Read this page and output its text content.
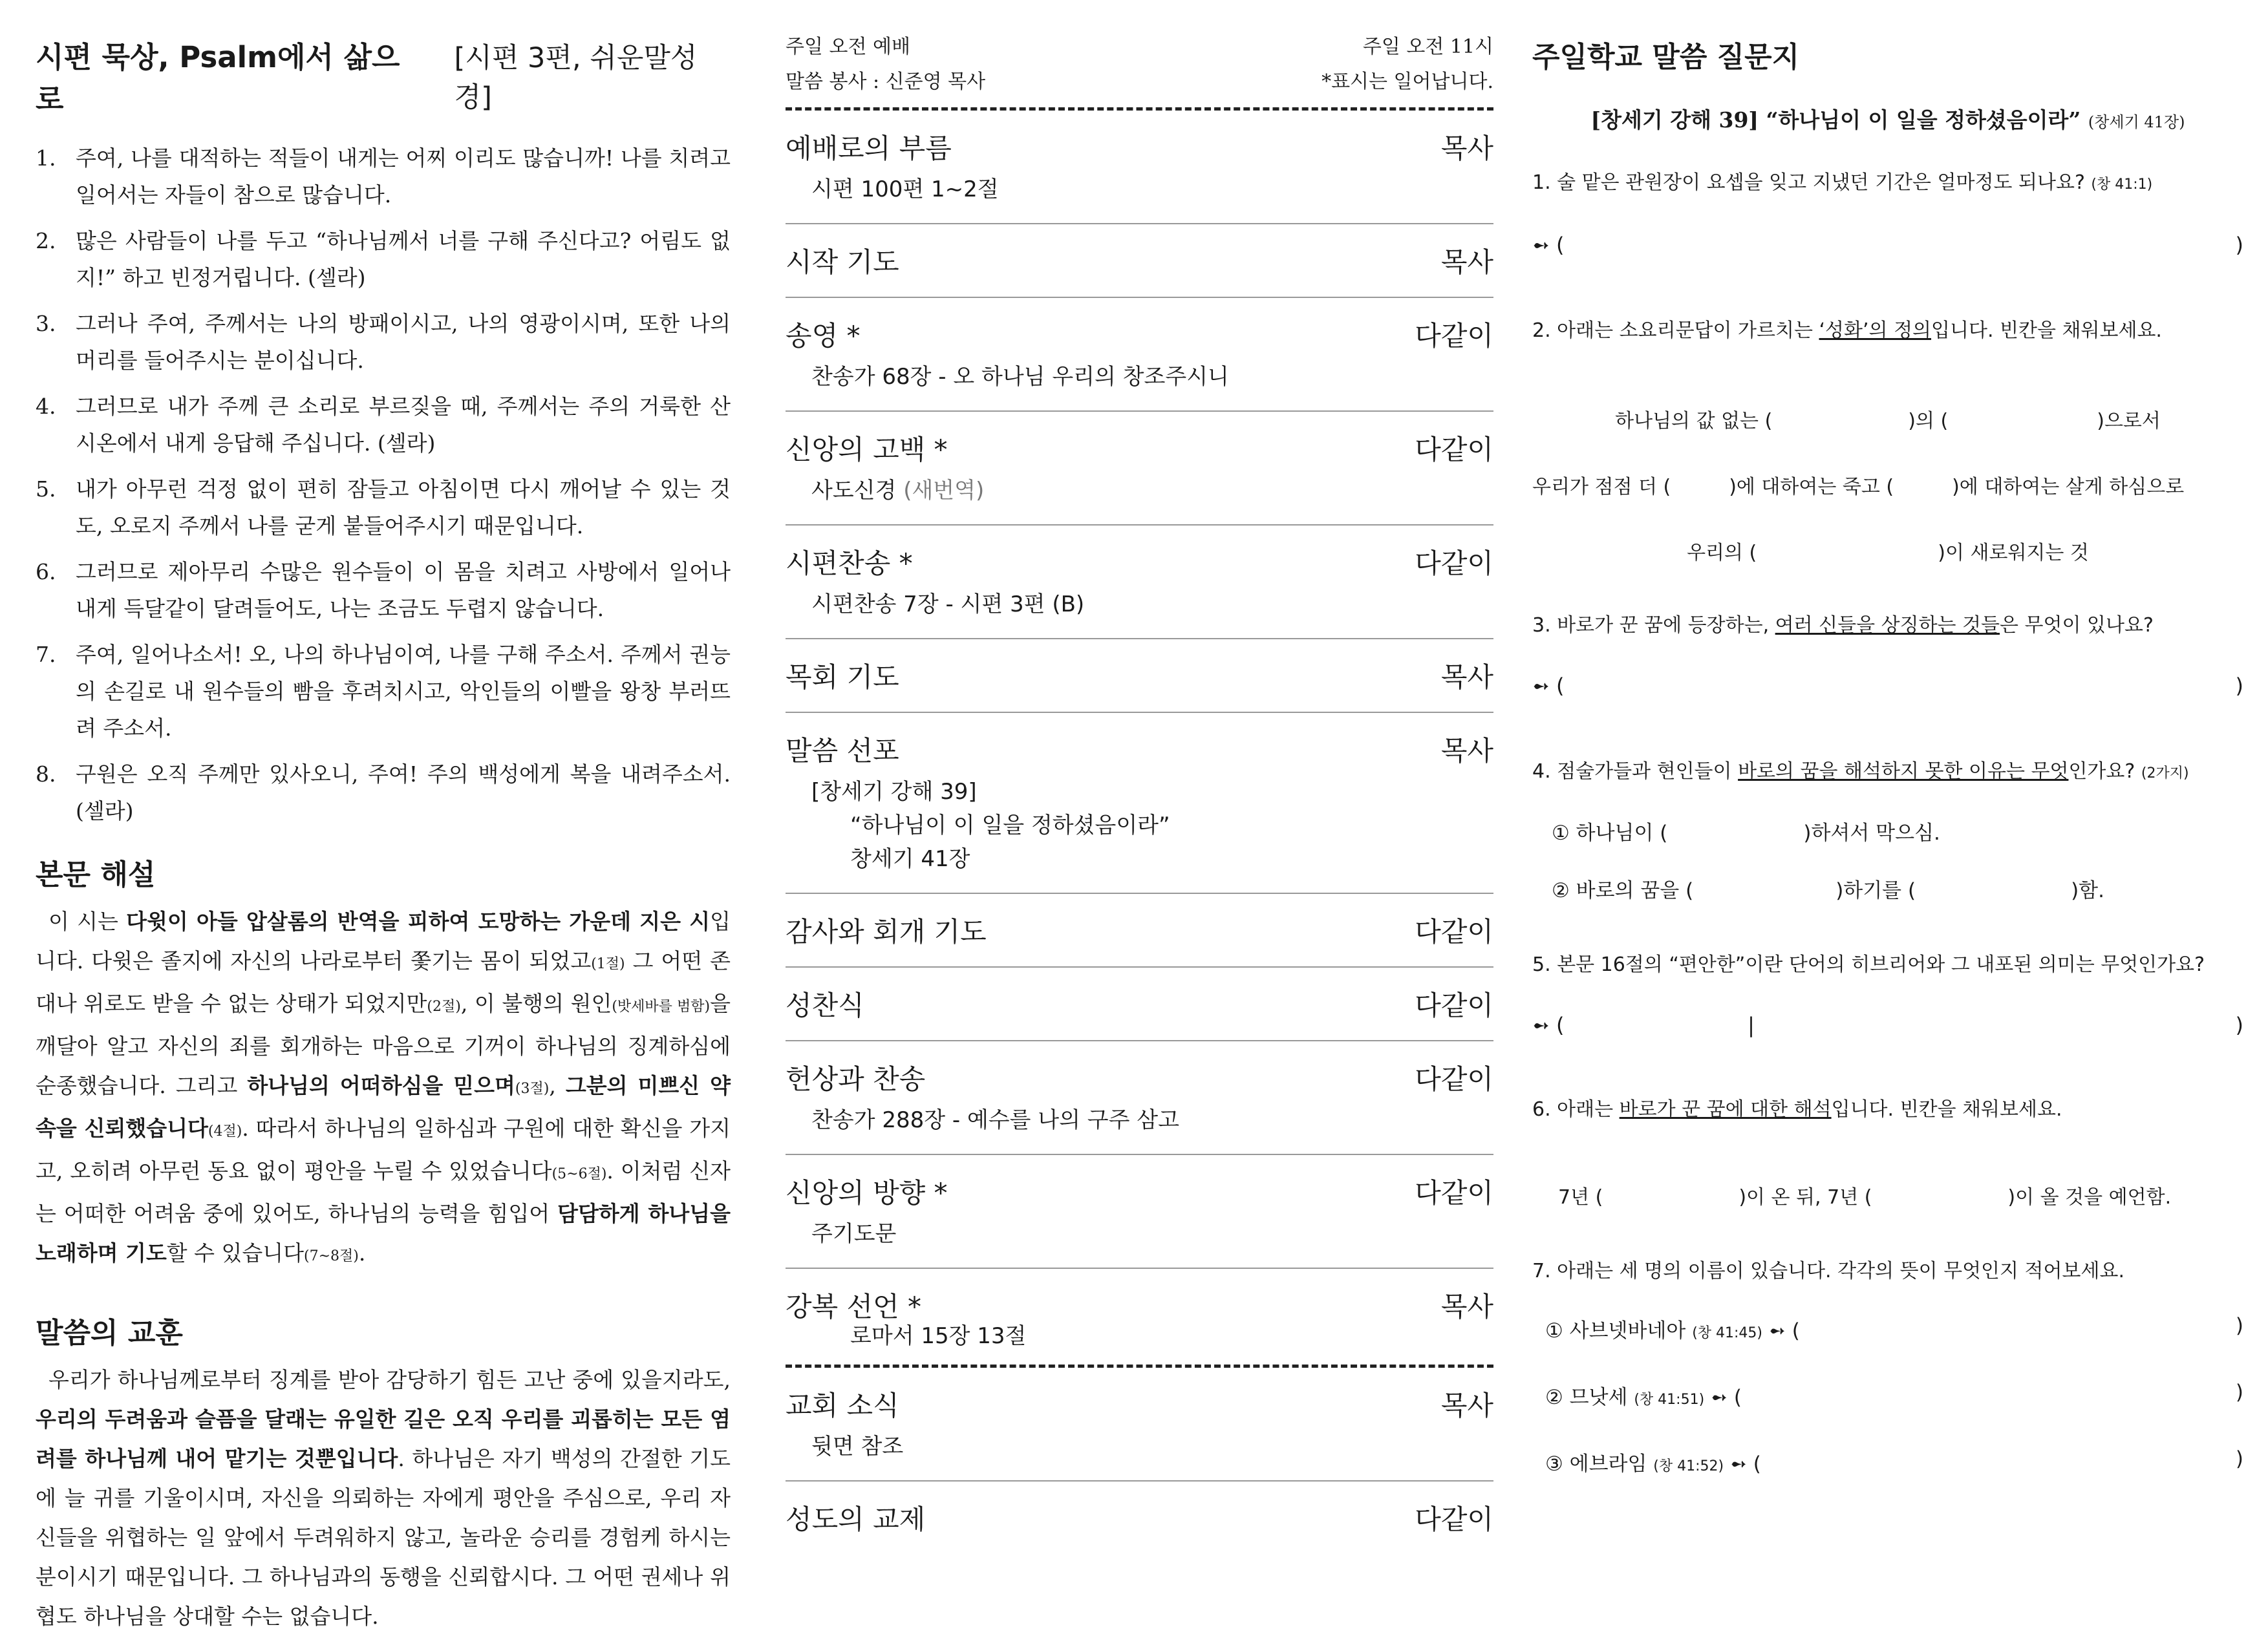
시편 묵상, Psalm에서 삶으로
[시편 3편, 쉬운말성경]
1. 주여, 나를 대적하는 적들이 내게는 어찌 이리도 많습니까! 나를 치려고 일어서는 자들이 참으로 많습니다.
2. 많은 사람들이 나를 두고 “하나님께서 너를 구해 주신다고? 어림도 없지!” 하고 빈정거립니다. (셀라)
3. 그러나 주여, 주께서는 나의 방패이시고, 나의 영광이시며, 또한 나의 머리를 들어주시는 분이십니다.
4. 그러므로 내가 주께 큰 소리로 부르짖을 때, 주께서는 주의 거룩한 산 시온에서 내게 응답해 주십니다. (셀라)
5. 내가 아무런 걱정 없이 편히 잠들고 아침이면 다시 깨어날 수 있는 것도, 오로지 주께서 나를 굳게 붙들어주시기 때문입니다.
6. 그러므로 제아무리 수많은 원수들이 이 몸을 치려고 사방에서 일어나 내게 득달같이 달려들어도, 나는 조금도 두렵지 않습니다.
7. 주여, 일어나소서! 오, 나의 하나님이여, 나를 구해 주소서. 주께서 권능의 손길로 내 원수들의 빰을 후려치시고, 악인들의 이빨을 왕창 부러뜨려 주소서.
8. 구원은 오직 주께만 있사오니, 주여! 주의 백성에게 복을 내려주소서. (셀라)
본문 해설

이 시는 다윗이 아들 압살롬의 반역을 피하여 도망하는 가운데 지은 시입니다. 다윗은 졸지에 자신의 나라로부터 쫓기는 몸이 되었고(1절) 그 어떤 존대나 위로도 받을 수 없는 상태가 되었지만(2절), 이 불행의 원인(밧세바를 범함)을 깨달아 알고 자신의 죄를 회개하는 마음으로 기꺼이 하나님의 징계하심에 순종했습니다. 그리고 하나님의 어떠하심을 믿으며(3절), 그분의 미쁘신 약속을 신뢰했습니다(4절). 따라서 하나님의 일하심과 구원에 대한 확신을 가지고, 오히려 아무런 동요 없이 평안을 누릴 수 있었습니다(5~6절). 이처럼 신자는 어떠한 어려움 중에 있어도, 하나님의 능력을 힘입어 담담하게 하나님을 노래하며 기도할 수 있습니다(7~8절).

말씀의 교훈

우리가 하나님께로부터 징계를 받아 감당하기 힘든 고난 중에 있을지라도, 우리의 두려움과 슬픔을 달래는 유일한 길은 오직 우리를 괴롭히는 모든 염려를 하나님께 내어 맡기는 것뿐입니다. 하나님은 자기 백성의 간절한 기도에 늘 귀를 기울이시며, 자신을 의뢰하는 자에게 평안을 주심으로, 우리 자신들을 위협하는 일 앞에서 두려워하지 않고, 놀라운 승리를 경험케 하시는 분이시기 때문입니다. 그 하나님과의 동행을 신뢰합시다. 그 어떤 권세나 위협도 하나님을 상대할 수는 없습니다.

주일 오전 예배
말씀 봉사 : 신준영 목사
주일 오전 11시
*표시는 일어납니다.
예배로의 부름	목사
시편 100편 1~2절
시작 기도	목사
송영 *	다같이
찬송가 68장 - 오 하나님 우리의 창조주시니
신앙의 고백 *	다같이
사도신경 (새번역)
시편찬송 *	다같이
시편찬송 7장 - 시편 3편 (B)
목회 기도	목사
말씀 선포	목사
[창세기 강해 39]
“하나님이 이 일을 정하셨음이라”
창세기 41장
감사와 회개 기도	다같이
성찬식	다같이
헌상과 찬송	다같이
찬송가 288장 - 예수를 나의 구주 삼고
신앙의 방향 *	다같이
주기도문
강복 선언 *	목사
로마서 15장 13절
교회 소식	목사
뒷면 참조
성도의 교제	다같이
주일학교 말씀 질문지
[창세기 강해 39] “하나님이 이 일을 정하셨음이라” (창세기 41장)
1. 술 맡은 관원장이 요셉을 잊고 지냈던 기간은 얼마정도 되나요? (창 41:1)
➻ (	)
2. 아래는 소요리문답이 가르치는 ‘성화’의 정의입니다. 빈칸을 채워보세요.
하나님의 값 없는 (	)의 (	)으로서
우리가 점점 더 (	)에 대하여는 죽고 (	)에 대하여는 살게 하심으로
우리의 (	)이 새로워지는 것
3. 바로가 꾼 꿈에 등장하는, 여러 신들을 상징하는 것들은 무엇이 있나요?
➻ (	)
4. 점술가들과 현인들이 바로의 꿈을 해석하지 못한 이유는 무엇인가요? (2가지)
① 하나님이 (	)하셔서 막으심.
② 바로의 꿈을 (	)하기를 (	)함.
5. 본문 16절의 “편안한”이란 단어의 히브리어와 그 내포된 의미는 무엇인가요?
➻ (	|	)
6. 아래는 바로가 꾼 꿈에 대한 해석입니다. 빈칸을 채워보세요.
7년 (	)이 온 뒤, 7년 (	)이 올 것을 예언함.
7. 아래는 세 명의 이름이 있습니다. 각각의 뜻이 무엇인지 적어보세요.
① 사브넷바네아 (창 41:45) ➻ (	)
② 므낫세 (창 41:51) ➻ (	)
③ 에브라임 (창 41:52) ➻ (	)
